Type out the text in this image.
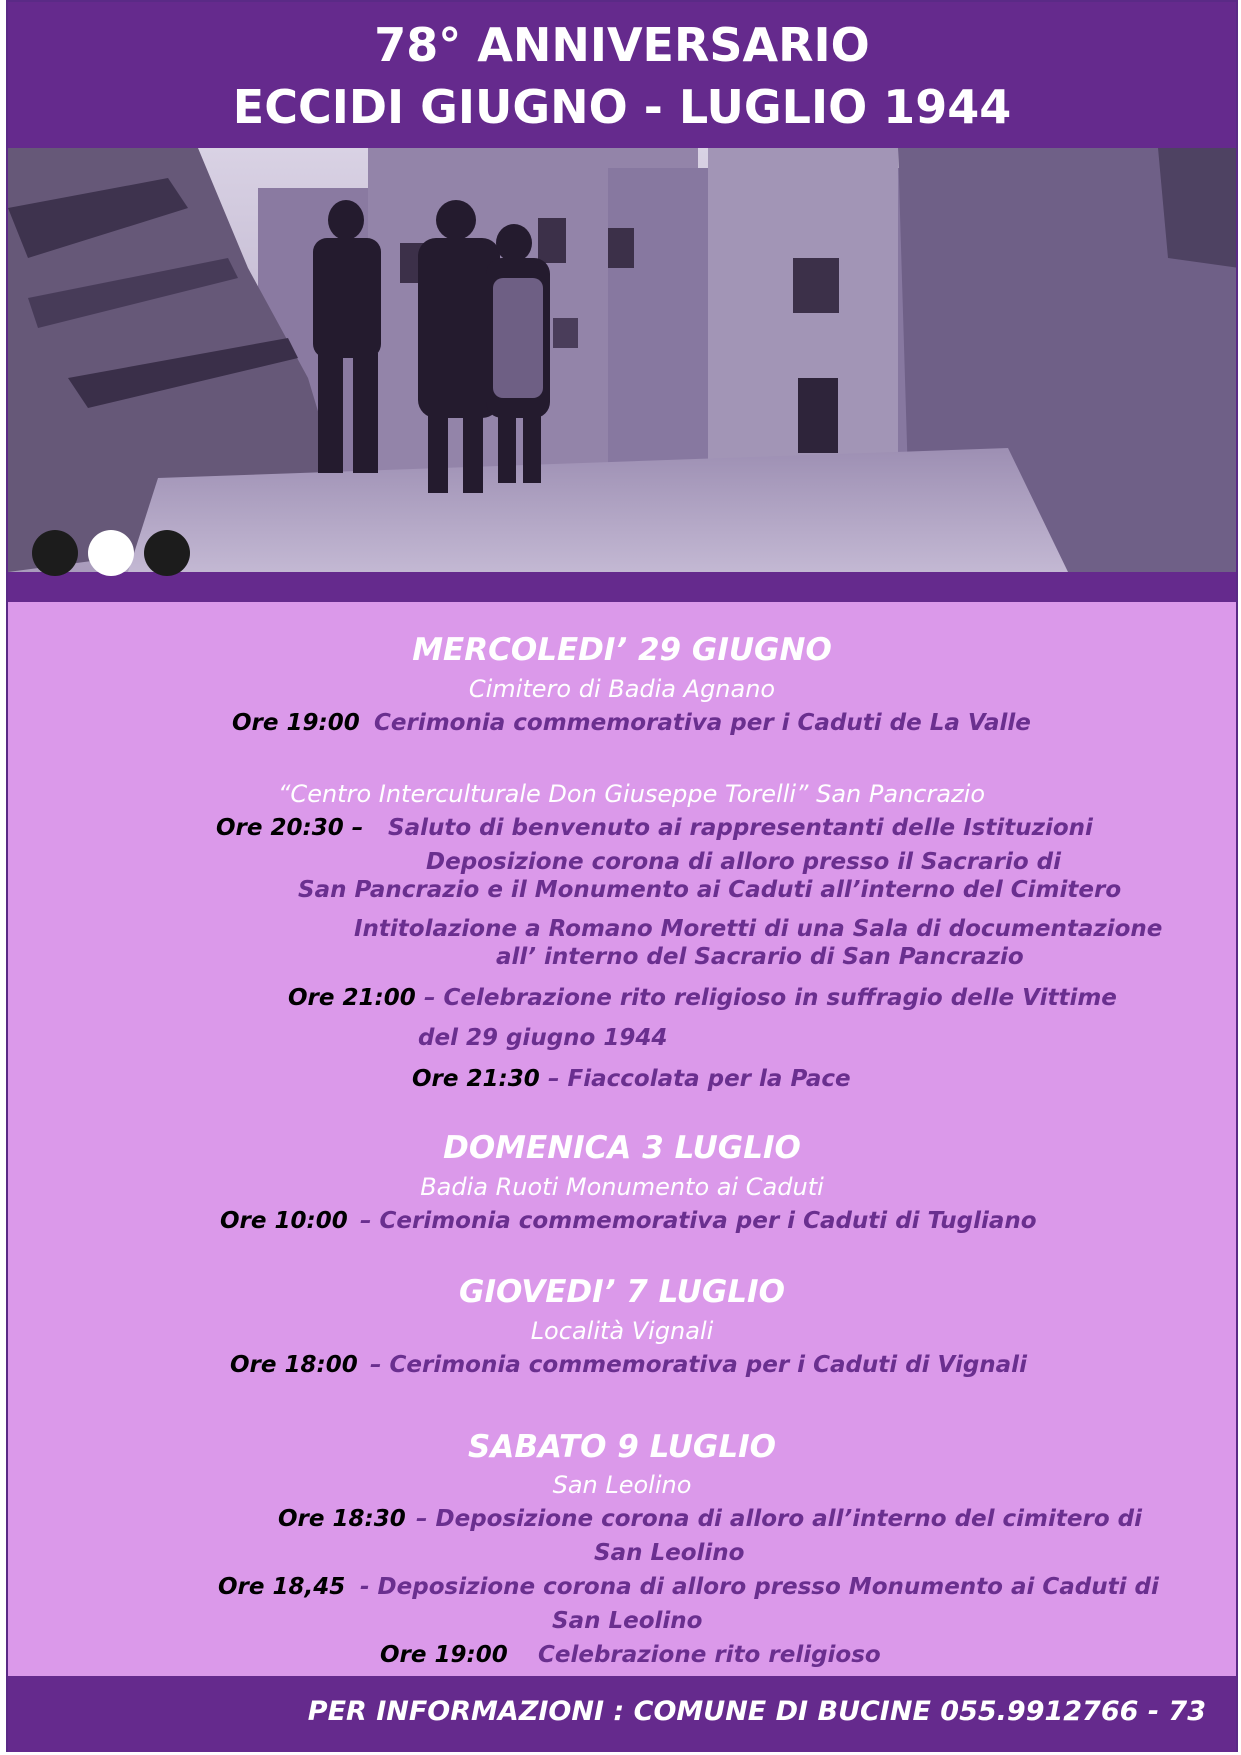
78° ANNIVERSARIO
ECCIDI GIUGNO - LUGLIO 1944
MERCOLEDI’ 29 GIUGNO
Cimitero di Badia Agnano
Ore 19:00 Cerimonia commemorativa per i Caduti de La Valle
“Centro Interculturale Don Giuseppe Torelli” San Pancrazio
Ore 20:30 – Saluto di benvenuto ai rappresentanti delle Istituzioni
Deposizione corona di alloro presso il Sacrario di
San Pancrazio e il Monumento ai Caduti all’interno del Cimitero
Intitolazione a Romano Moretti di una Sala di documentazione
all’ interno del Sacrario di San Pancrazio
Ore 21:00 – Celebrazione rito religioso in suffragio delle Vittime
del 29 giugno 1944
Ore 21:30 – Fiaccolata per la Pace
DOMENICA 3 LUGLIO
Badia Ruoti Monumento ai Caduti
Ore 10:00 – Cerimonia commemorativa per i Caduti di Tugliano
GIOVEDI’ 7 LUGLIO
Località Vignali
Ore 18:00 – Cerimonia commemorativa per i Caduti di Vignali
SABATO 9 LUGLIO
San Leolino
Ore 18:30 – Deposizione corona di alloro all’interno del cimitero di
San Leolino
Ore 18,45 - Deposizione corona di alloro presso Monumento ai Caduti di
San Leolino
Ore 19:00 Celebrazione rito religioso
PER INFORMAZIONI : COMUNE DI BUCINE 055.9912766 - 73
